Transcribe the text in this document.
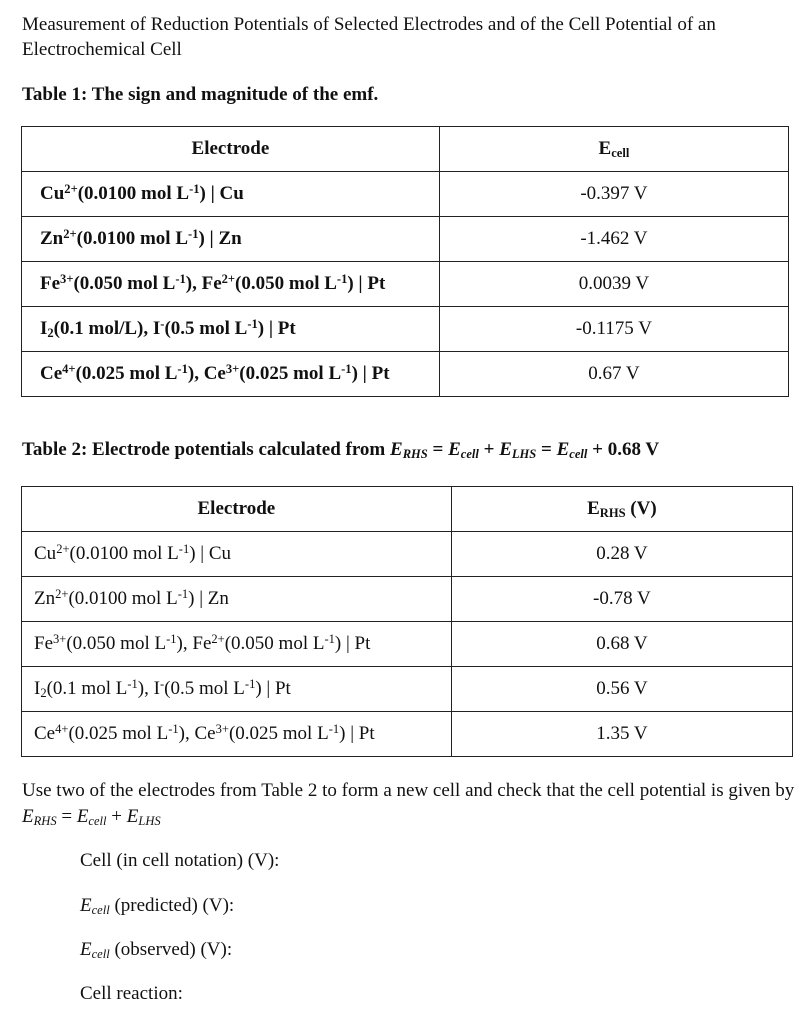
Measurement of Reduction Potentials of Selected Electrodes and of the Cell Potential of an Electrochemical Cell
Table 1: The sign and magnitude of the emf.
Electrode	$E_{cell}$
$Cu^{2+}(0.0100$ mol $L^{-1}$) | Cu	-0.397 V
$Zn^{2+}(0.0100$ mol $L^{-1}$) | Zn	-1.462 V
$Fe^{3+}(0.050$ mol $L^{-1}$), $Fe^{2+}(0.050$ mol $L^{-1}$) | Pt	0.0039 V
$I_2(0.1$ mol/L), I-(0.5 mol $L^{-1}$) | Pt	-0.1175 V
$Ce^{4+}(0.025$ mol $L^{-1}$), $Ce^{3+}(0.025$ mol $L^{-1}$) | Pt	0.67 V
Table 2: Electrode potentials calculated from $E_{RHS} = E_{cell} + E_{LHS} = E_{cell} + 0.68$ V
Electrode	$E_{RHS}$ (V)
$Cu^{2+}(0.0100$ mol $L^{-1}$) | Cu	0.28 V
$Zn^{2+}(0.0100$ mol $L^{-1}$) | Zn	-0.78 V
$Fe^{3+}(0.050$ mol $L^{-1}$), $Fe^{2+}(0.050$ mol $L^{-1}$) | Pt	0.68 V
$I_2(0.1$ mol $L^{-1}$), I-(0.5 mol $L^{-1}$) | Pt	0.56 V
$Ce^{4+}(0.025$ mol $L^{-1}$), $Ce^{3+}(0.025$ mol $L^{-1}$) | Pt	1.35 V
Use two of the electrodes from Table 2 to form a new cell and check that the cell potential is given by $E_{RHS} = E_{cell} + E_{LHS}$
Cell (in cell notation) (V):
$E_{cell}$ (predicted) (V):
$E_{cell}$ (observed) (V):
Cell reaction:
